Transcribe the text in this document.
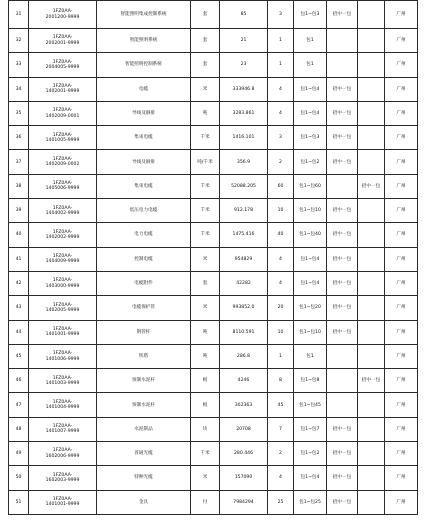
31	1FZ0AA-
2001200-9999	智能照明集成控制系统	套	85	3	包1~包3	招中一包		广州
32	1FZ0AA-
2002001-9999	智能照明系统	套	21	1	包1			广州
33	1FZ0AA-
2004005-9999	智能照明控制系统	套	23	1	包1			广州
34	1FZ0AA-
1402001-9999	电缆	米	333946.8	4	包1~包4	招中一包		广州
35	1FZ0AA-
1402009-0001	导线及铜排	吨	3283.861	4	包1~包4	招中一包		广州
36	1FZ0AA-
1401005-9999	集束电缆	千米	1416.101	3	包1~包3	招中一包		广州
37	1FZ0AA-
1402009-0002	导线及铜排	吨/千米	356.9	2	包1~包2	招中一包		广州
38	1FZ0AA-
1405006-9999	集束电缆	千米	52088.205	60	包1~包60		招中一包	广州
39	1FZ0AA-
1404002-9999	低压电力电缆	千米	912.178	10	包1~包10	招中一包		广州
40	1FZ0AA-
1402002-9999	电力电缆	千米	1475.416	40	包1~包40	招中一包		广州
41	1FZ0AA-
1404009-9999	控制电缆	米	954829	4	包1~包4	招中一包		广州
42	1FZ0AA-
1403000-9999	电缆附件	套	42282	4	包1~包4	招中一包		广州
43	1FZ0AA-
1402005-9999	电缆保护管	米	993852.0	20	包1~包20	招中一包		广州
44	1FZ0AA-
1401001-9999	钢管杆	吨	8110.591	10	包1~包10	招中一包		广州
45	1FZ0AA-
1401006-9999	铁塔	吨	286.8	1	包1			广州
46	1FZ0AA-
1401003-9999	预制水泥杆	根	4246	8	包1~包8		招中一包	广州
47	1FZ0AA-
1401004-9999	预制水泥杆	根	302363	45	包1~包45			广州
48	1FZ0AA-
1401007-9999	水泥制品	块	20708	7	包1~包7	招中一包		广州
49	1FZ0AA-
1602006-9999	普通光缆	千米	280.446	2	包1~包2	招中一包		广州
50	1FZ0AA-
1602003-9999	特种光缆	米	157090	4	包1~包4	招中一包		广州
51	1FZ0AA-
1401001-9999	金具	付	7984294	25	包1~包25	招中一包		广州
